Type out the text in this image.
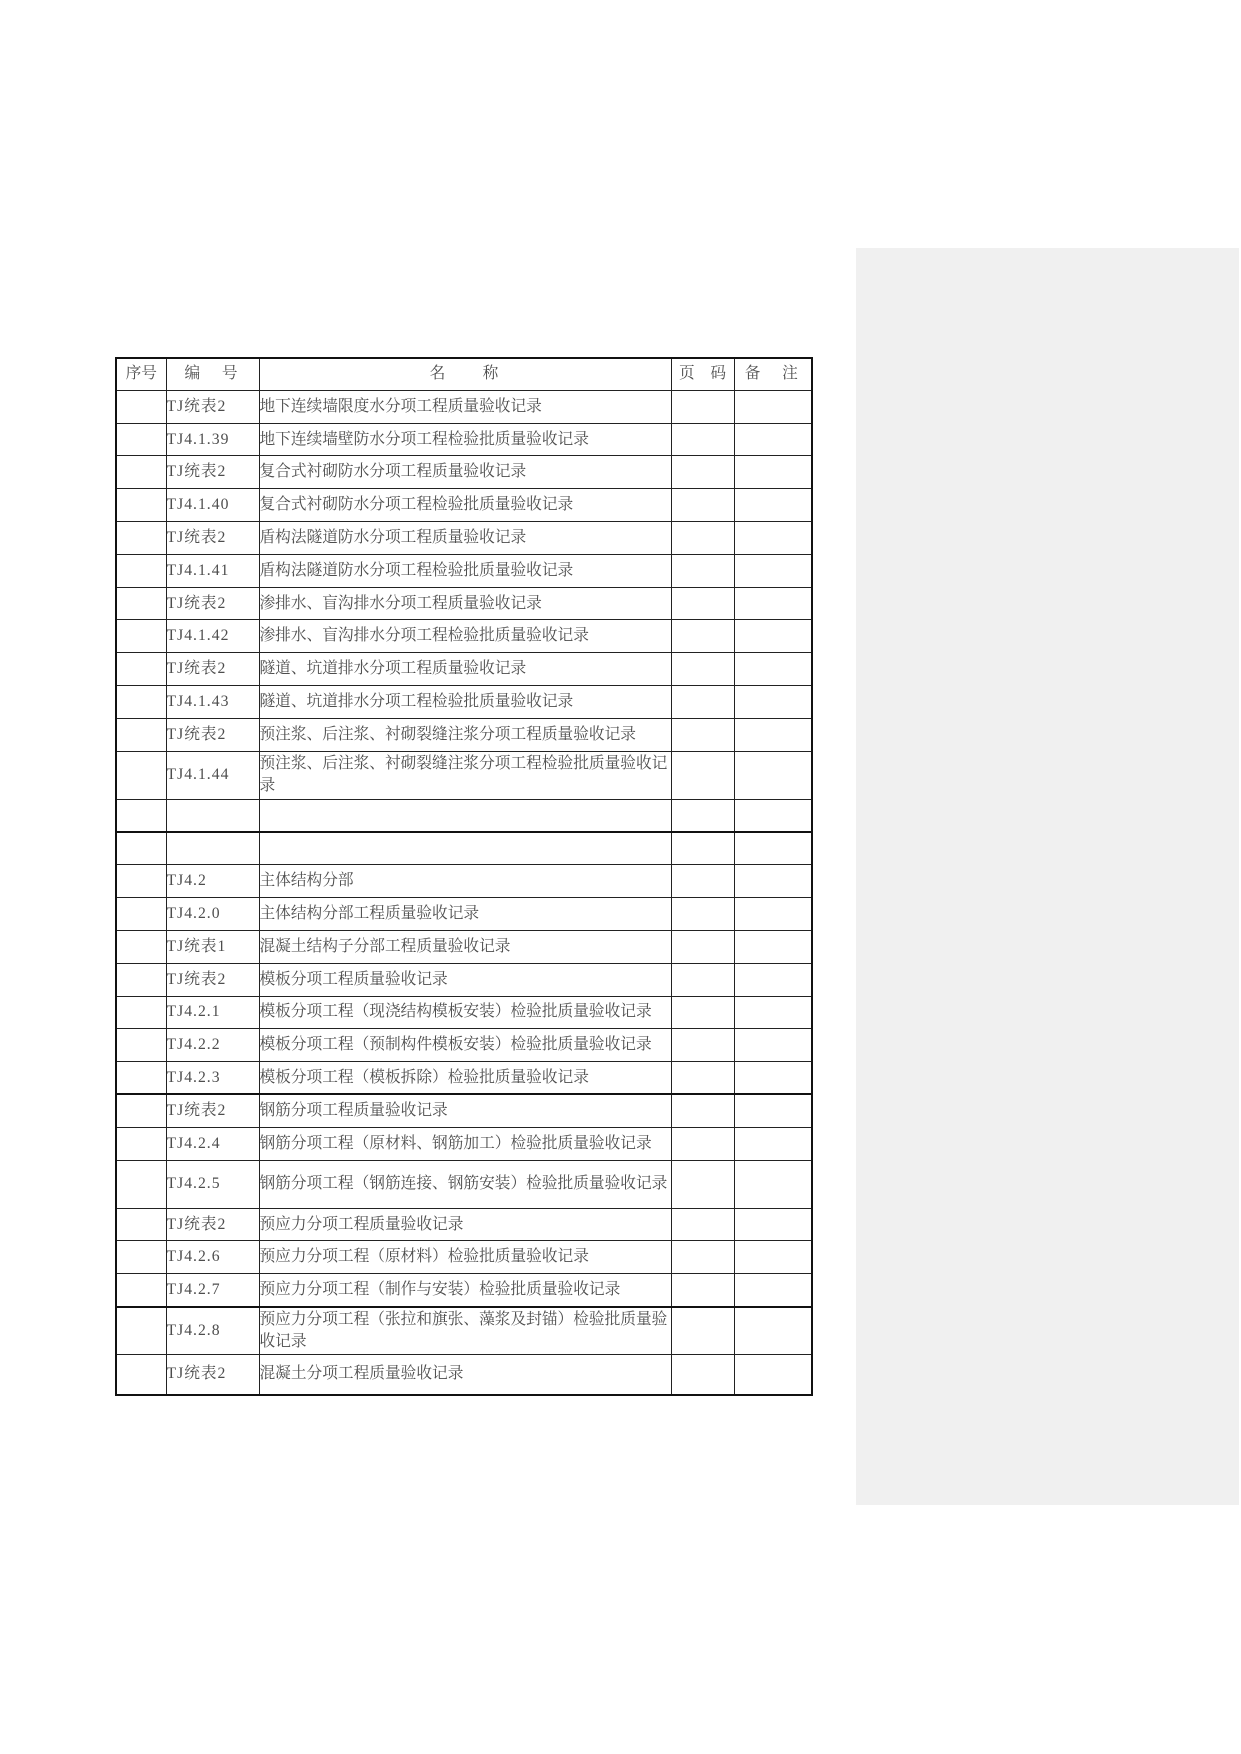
序号	编　号	名　　称	页　码	备　注
	TJ统表2	地下连续墙限度水分项工程质量验收记录		
	TJ4.1.39	地下连续墙壁防水分项工程检验批质量验收记录		
	TJ统表2	复合式衬砌防水分项工程质量验收记录		
	TJ4.1.40	复合式衬砌防水分项工程检验批质量验收记录		
	TJ统表2	盾构法隧道防水分项工程质量验收记录		
	TJ4.1.41	盾构法隧道防水分项工程检验批质量验收记录		
	TJ统表2	渗排水、盲沟排水分项工程质量验收记录		
	TJ4.1.42	渗排水、盲沟排水分项工程检验批质量验收记录		
	TJ统表2	隧道、坑道排水分项工程质量验收记录		
	TJ4.1.43	隧道、坑道排水分项工程检验批质量验收记录		
	TJ统表2	预注浆、后注浆、衬砌裂缝注浆分项工程质量验收记录		
	TJ4.1.44	预注浆、后注浆、衬砌裂缝注浆分项工程检验批质量验收记录		

	TJ4.2	主体结构分部		
	TJ4.2.0	主体结构分部工程质量验收记录		
	TJ统表1	混凝土结构子分部工程质量验收记录		
	TJ统表2	模板分项工程质量验收记录		
	TJ4.2.1	模板分项工程（现浇结构模板安装）检验批质量验收记录		
	TJ4.2.2	模板分项工程（预制构件模板安装）检验批质量验收记录		
	TJ4.2.3	模板分项工程（模板拆除）检验批质量验收记录		
	TJ统表2	钢筋分项工程质量验收记录		
	TJ4.2.4	钢筋分项工程（原材料、钢筋加工）检验批质量验收记录		
	TJ4.2.5	钢筋分项工程（钢筋连接、钢筋安装）检验批质量验收记录		
	TJ统表2	预应力分项工程质量验收记录		
	TJ4.2.6	预应力分项工程（原材料）检验批质量验收记录		
	TJ4.2.7	预应力分项工程（制作与安装）检验批质量验收记录		
	TJ4.2.8	预应力分项工程（张拉和旗张、藻浆及封锚）检验批质量验收记录		
	TJ统表2	混凝土分项工程质量验收记录		
